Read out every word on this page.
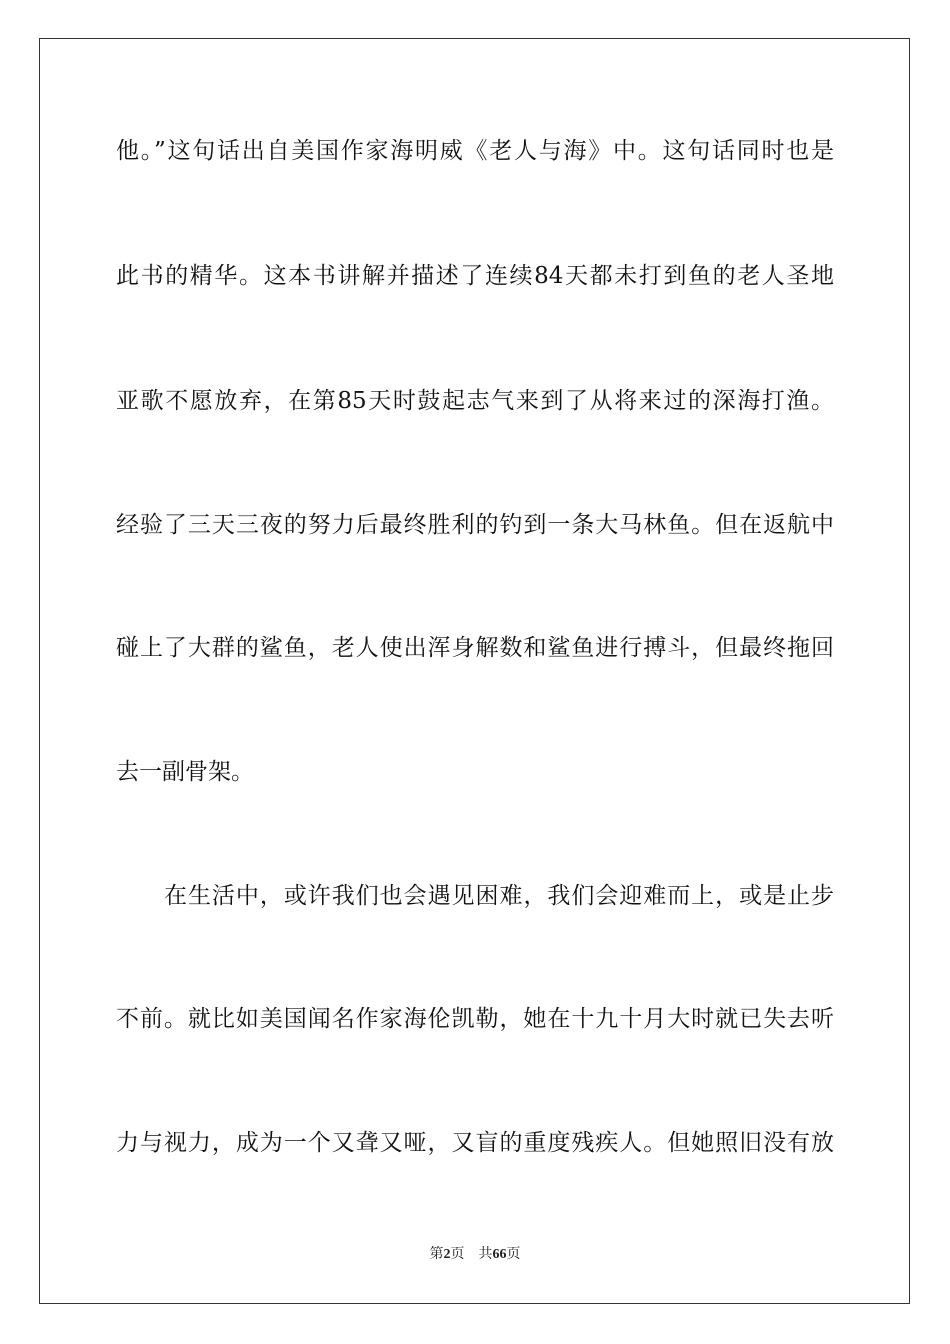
他。”这句话出自美国作家海明威《老人与海》中。这句话同时也是
此书的精华。这本书讲解并描述了连续84天都未打到鱼的老人圣地
亚歌不愿放弃，在第85天时鼓起志气来到了从将来过的深海打渔。
经验了三天三夜的努力后最终胜利的钓到一条大马林鱼。但在返航中
碰上了大群的鲨鱼，老人使出浑身解数和鲨鱼进行搏斗，但最终拖回
去一副骨架。
在生活中，或许我们也会遇见困难，我们会迎难而上，或是止步
不前。就比如美国闻名作家海伦凯勒，她在十九十月大时就已失去听
力与视力，成为一个又聋又哑，又盲的重度残疾人。但她照旧没有放
第2页 共66页
